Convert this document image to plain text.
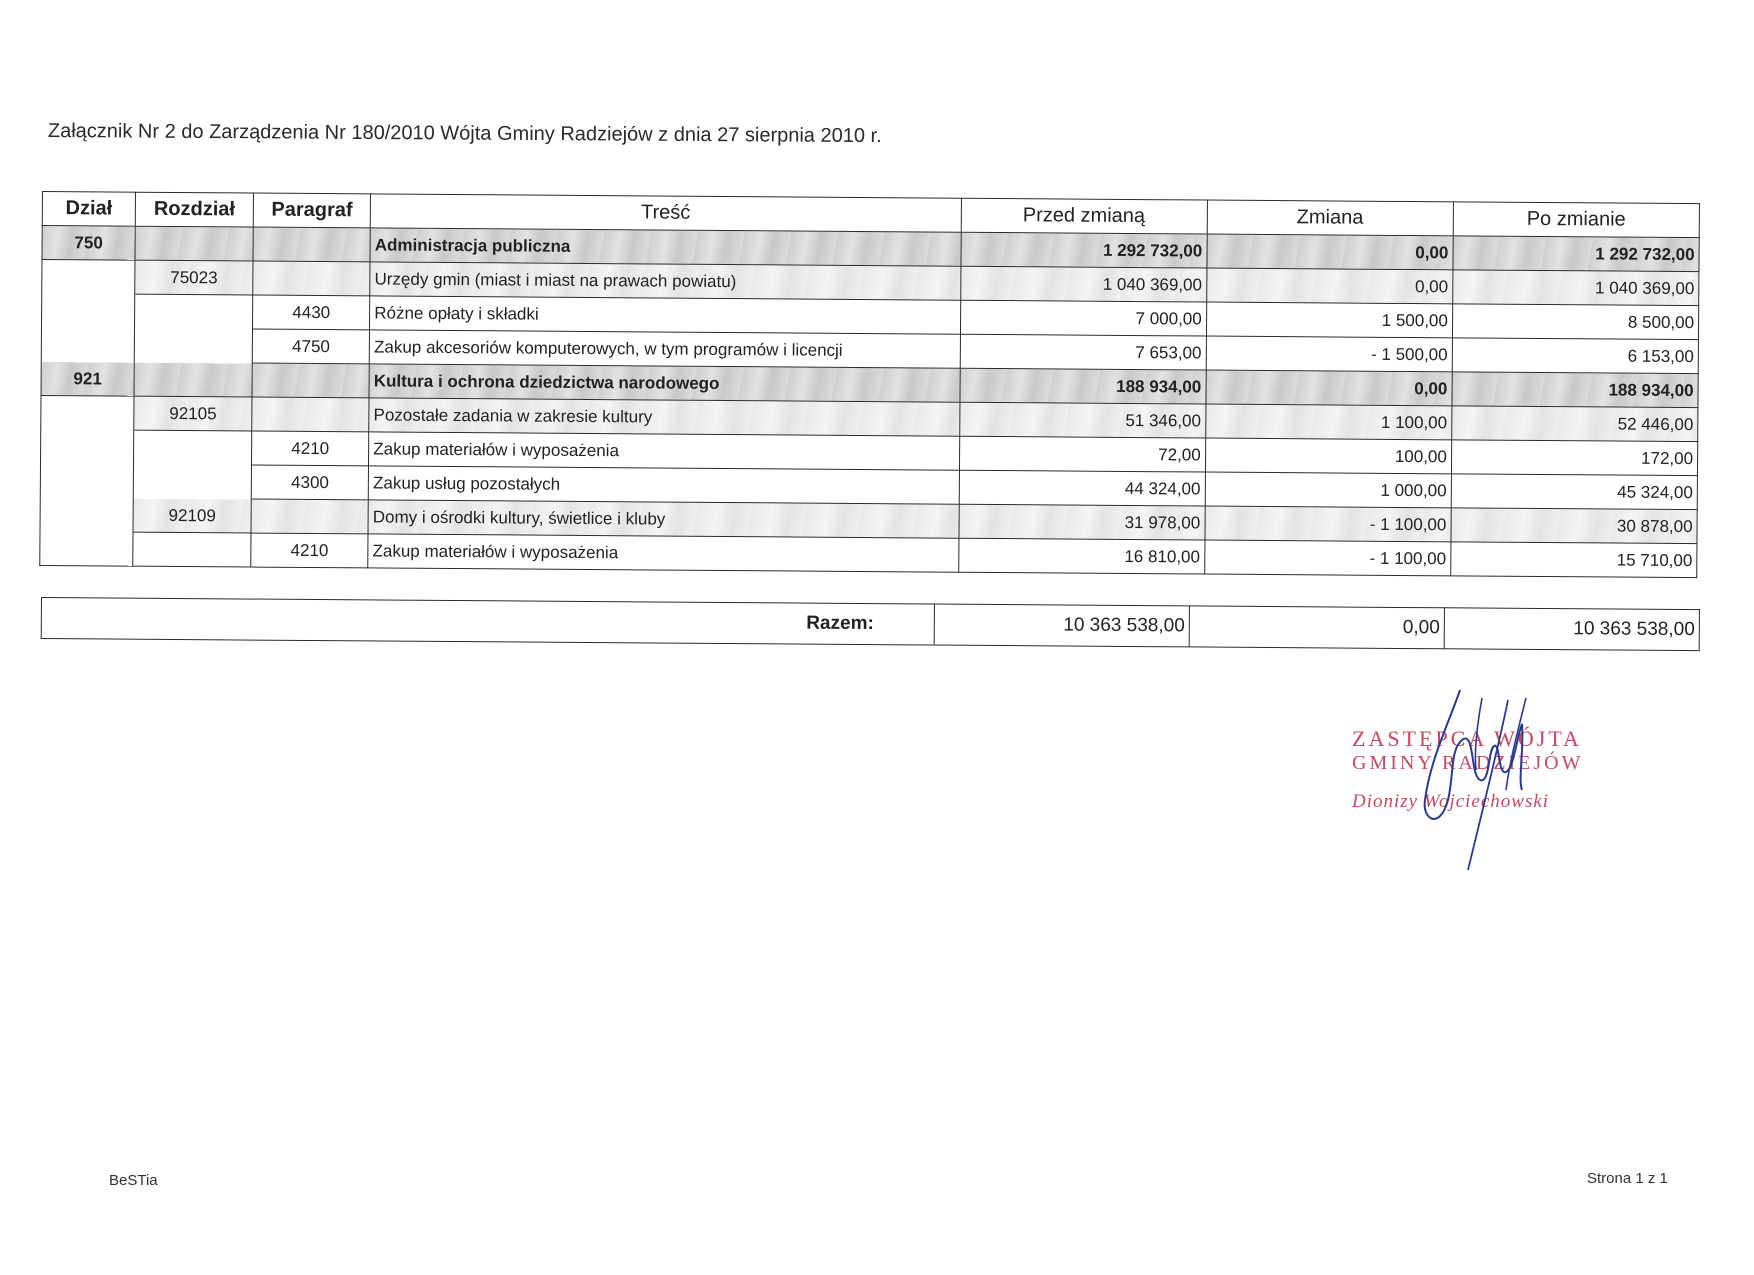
Załącznik Nr 2 do Zarządzenia Nr 180/2010 Wójta Gminy Radziejów z dnia 27 sierpnia 2010 r.
Dział	Rozdział	Paragraf	Treść	Przed zmianą	Zmiana	Po zmianie
750			Administracja publiczna	1 292 732,00	0,00	1 292 732,00
	75023		Urzędy gmin (miast i miast na prawach powiatu)	1 040 369,00	0,00	1 040 369,00
		4430	Różne opłaty i składki	7 000,00	1 500,00	8 500,00
		4750	Zakup akcesoriów komputerowych, w tym programów i licencji	7 653,00	- 1 500,00	6 153,00
921			Kultura i ochrona dziedzictwa narodowego	188 934,00	0,00	188 934,00
	92105		Pozostałe zadania w zakresie kultury	51 346,00	1 100,00	52 446,00
		4210	Zakup materiałów i wyposażenia	72,00	100,00	172,00
		4300	Zakup usług pozostałych	44 324,00	1 000,00	45 324,00
	92109		Domy i ośrodki kultury, świetlice i kluby	31 978,00	- 1 100,00	30 878,00
		4210	Zakup materiałów i wyposażenia	16 810,00	- 1 100,00	15 710,00
Razem:	10 363 538,00	0,00	10 363 538,00
ZASTĘPCA WÓJTA
GMINY RADZIEJÓW
Dionizy Wojciechowski
BeSTia	Strona 1 z 1
